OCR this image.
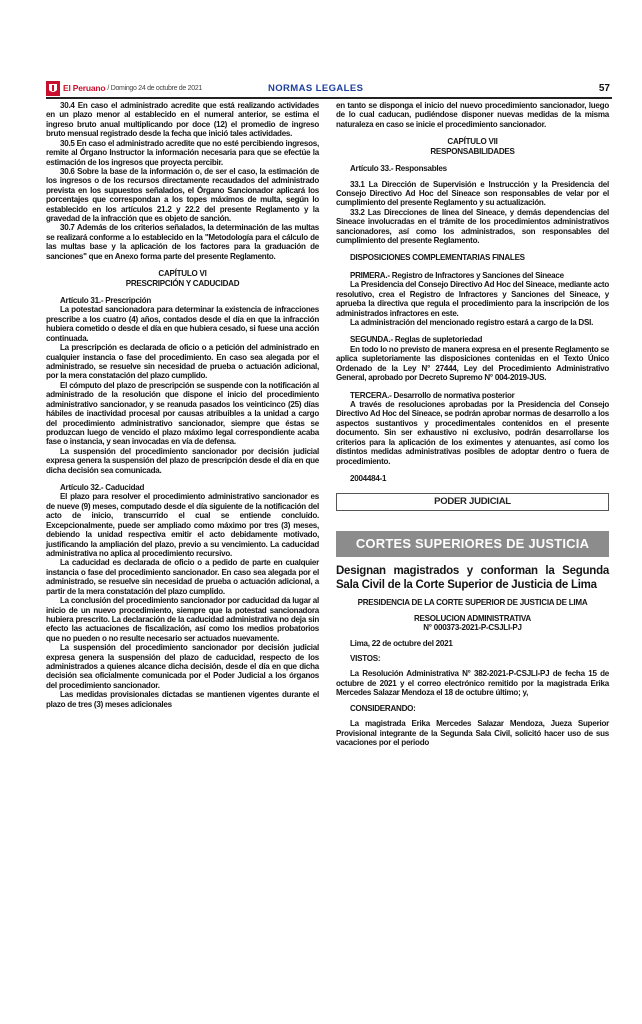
El Peruano / Domingo 24 de octubre de 2021	NORMAS LEGALES	57

30.4 En caso el administrado acredite que está realizando actividades en un plazo menor al establecido en el numeral anterior, se estima el ingreso bruto anual multiplicando por doce (12) el promedio de ingreso bruto mensual registrado desde la fecha que inició tales actividades.

30.5 En caso el administrado acredite que no esté percibiendo ingresos, remite al Órgano Instructor la información necesaria para que se efectúe la estimación de los ingresos que proyecta percibir.

30.6 Sobre la base de la información o, de ser el caso, la estimación de los ingresos o de los recursos directamente recaudados del administrado prevista en los supuestos señalados, el Órgano Sancionador aplicará los porcentajes que correspondan a los topes máximos de multa, según lo establecido en los artículos 21.2 y 22.2 del presente Reglamento y la gravedad de la infracción que es objeto de sanción.

30.7 Además de los criterios señalados, la determinación de las multas se realizará conforme a lo establecido en la "Metodología para el cálculo de las multas base y la aplicación de los factores para la graduación de sanciones" que en Anexo forma parte del presente Reglamento.

CAPÍTULO VI

PRESCRIPCIÓN Y CADUCIDAD

Artículo 31.- Prescripción

La potestad sancionadora para determinar la existencia de infracciones prescribe a los cuatro (4) años, contados desde el día en que la infracción hubiera cometido o desde el día en que hubiera cesado, si fuese una acción continuada.

La prescripción es declarada de oficio o a petición del administrado en cualquier instancia o fase del procedimiento. En caso sea alegada por el administrado, se resuelve sin necesidad de prueba o actuación adicional, por la mera constatación del plazo cumplido.

El cómputo del plazo de prescripción se suspende con la notificación al administrado de la resolución que dispone el inicio del procedimiento administrativo sancionador, y se reanuda pasados los veinticinco (25) días hábiles de inactividad procesal por causas atribuibles a la unidad a cargo del procedimiento administrativo sancionador, siempre que éstas se produzcan luego de vencido el plazo máximo legal correspondiente acaba fase o instancia, y sean invocadas en vía de defensa.

La suspensión del procedimiento sancionador por decisión judicial expresa genera la suspensión del plazo de prescripción desde el día en que dicha decisión sea comunicada.

Artículo 32.- Caducidad

El plazo para resolver el procedimiento administrativo sancionador es de nueve (9) meses, computado desde el día siguiente de la notificación del acto de inicio, transcurrido el cual se entiende concluido. Excepcionalmente, puede ser ampliado como máximo por tres (3) meses, debiendo la unidad respectiva emitir el acto debidamente motivado, justificando la ampliación del plazo, previo a su vencimiento. La caducidad administrativa no aplica al procedimiento recursivo.

La caducidad es declarada de oficio o a pedido de parte en cualquier instancia o fase del procedimiento sancionador. En caso sea alegada por el administrado, se resuelve sin necesidad de prueba o actuación adicional, a partir de la mera constatación del plazo cumplido.

La conclusión del procedimiento sancionador por caducidad da lugar al inicio de un nuevo procedimiento, siempre que la potestad sancionadora hubiera prescrito. La declaración de la caducidad administrativa no deja sin efecto las actuaciones de fiscalización, así como los medios probatorios que no pueden o no resulte necesario ser actuados nuevamente.

La suspensión del procedimiento sancionador por decisión judicial expresa genera la suspensión del plazo de caducidad, respecto de los administrados a quienes alcance dicha decisión, desde el día en que dicha decisión sea oficialmente comunicada por el Poder Judicial a los órganos del procedimiento sancionador.

Las medidas provisionales dictadas se mantienen vigentes durante el plazo de tres (3) meses adicionales

en tanto se disponga el inicio del nuevo procedimiento sancionador, luego de lo cual caducan, pudiéndose disponer nuevas medidas de la misma naturaleza en caso se inicie el procedimiento sancionador.

CAPÍTULO VII

RESPONSABILIDADES

Artículo 33.- Responsables

33.1 La Dirección de Supervisión e Instrucción y la Presidencia del Consejo Directivo Ad Hoc del Sineace son responsables de velar por el cumplimiento del presente Reglamento y su actualización.

33.2 Las Direcciones de línea del Sineace, y demás dependencias del Sineace involucradas en el trámite de los procedimientos administrativos sancionadores, así como los administrados, son responsables del cumplimiento del presente Reglamento.

DISPOSICIONES COMPLEMENTARIAS FINALES

PRIMERA.- Registro de Infractores y Sanciones del Sineace

La Presidencia del Consejo Directivo Ad Hoc del Sineace, mediante acto resolutivo, crea el Registro de Infractores y Sanciones del Sineace, y aprueba la directiva que regula el procedimiento para la inscripción de los administrados infractores en este.

La administración del mencionado registro estará a cargo de la DSI.

SEGUNDA.- Reglas de supletoriedad

En todo lo no previsto de manera expresa en el presente Reglamento se aplica supletoriamente las disposiciones contenidas en el Texto Único Ordenado de la Ley N° 27444, Ley del Procedimiento Administrativo General, aprobado por Decreto Supremo N° 004-2019-JUS.

TERCERA.- Desarrollo de normativa posterior

A través de resoluciones aprobadas por la Presidencia del Consejo Directivo Ad Hoc del Sineace, se podrán aprobar normas de desarrollo a los aspectos sustantivos y procedimentales contenidos en el presente documento. Sin ser exhaustivo ni exclusivo, podrán desarrollarse los criterios para la aplicación de los eximentes y atenuantes, así como los distintos medidas administrativas posibles de adoptar dentro o fuera de procedimiento.

2004484-1

PODER JUDICIAL
CORTES SUPERIORES DE JUSTICIA
Designan magistrados y conforman la Segunda Sala Civil de la Corte Superior de Justicia de Lima

PRESIDENCIA DE LA CORTE SUPERIOR DE JUSTICIA DE LIMA

RESOLUCION ADMINISTRATIVA

N° 000373-2021-P-CSJLI-PJ

Lima, 22 de octubre del 2021

VISTOS:

La Resolución Administrativa N° 382-2021-P-CSJLI-PJ de fecha 15 de octubre de 2021 y el correo electrónico remitido por la magistrada Erika Mercedes Salazar Mendoza el 18 de octubre último; y,

CONSIDERANDO:

La magistrada Erika Mercedes Salazar Mendoza, Jueza Superior Provisional integrante de la Segunda Sala Civil, solicitó hacer uso de sus vacaciones por el periodo
